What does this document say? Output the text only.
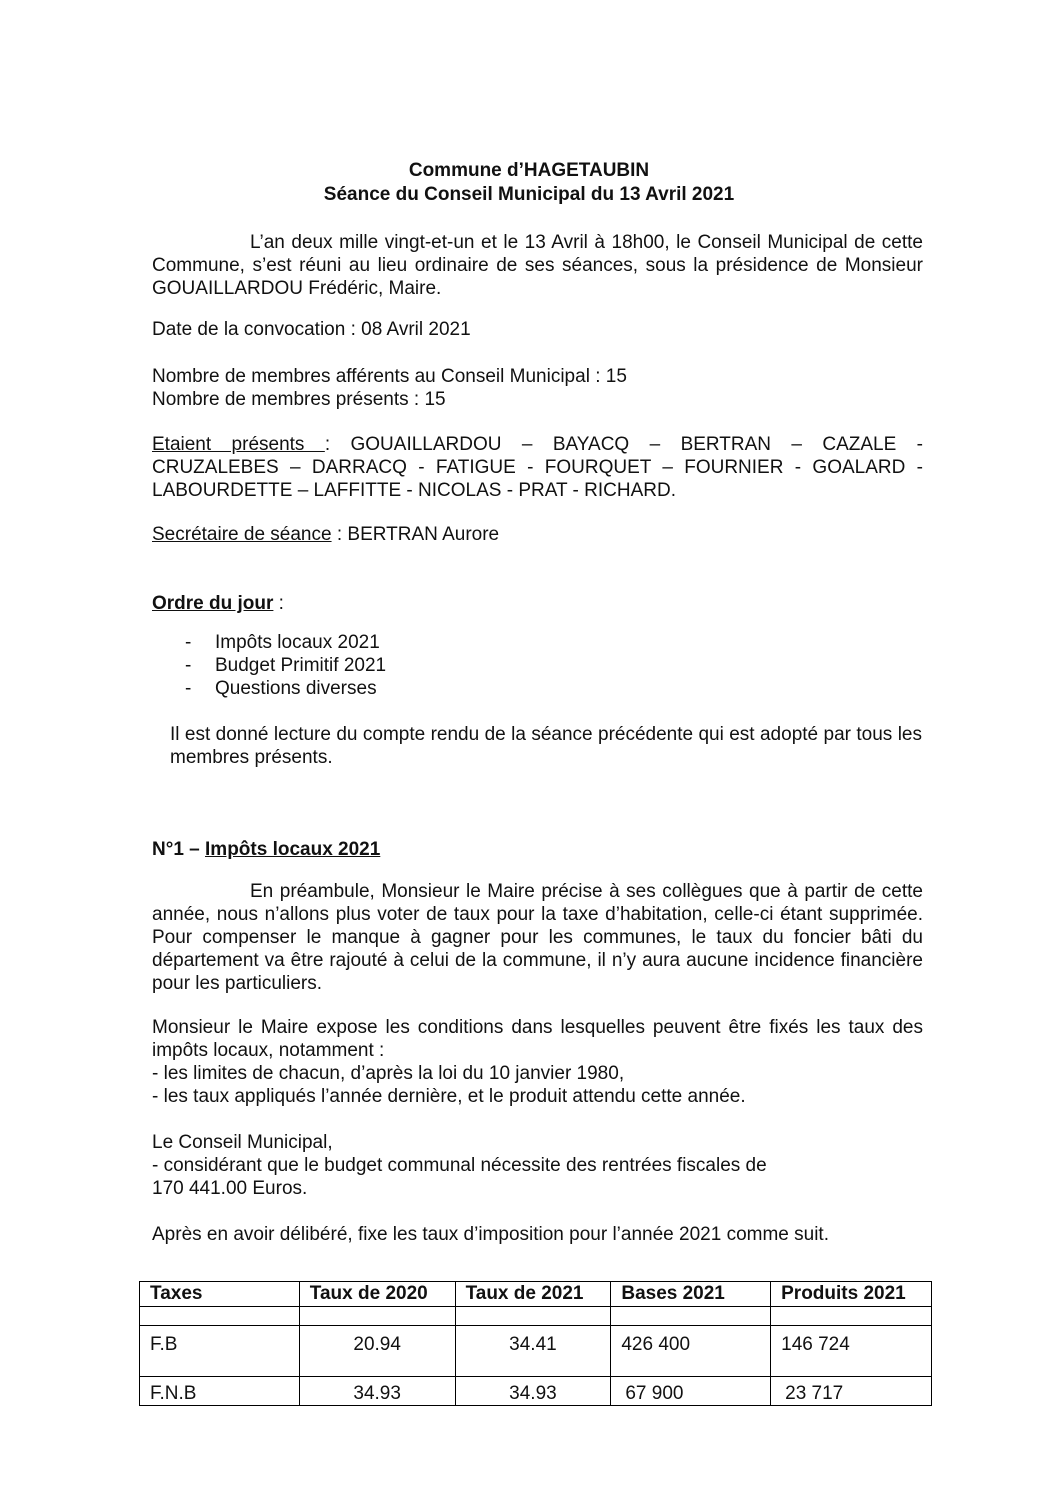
Commune d’HAGETAUBIN
Séance du Conseil Municipal du 13 Avril 2021
L’an deux mille vingt-et-un et le 13 Avril à 18h00, le Conseil Municipal de cette Commune, s’est réuni au lieu ordinaire de ses séances, sous la présidence de Monsieur GOUAILLARDOU Frédéric, Maire.
Date de la convocation : 08 Avril 2021
Nombre de membres afférents au Conseil Municipal : 15
Nombre de membres présents : 15
Etaient présents : GOUAILLARDOU – BAYACQ – BERTRAN – CAZALE -
CRUZALEBES – DARRACQ - FATIGUE - FOURQUET – FOURNIER - GOALARD -
LABOURDETTE – LAFFITTE - NICOLAS - PRAT - RICHARD.
Secrétaire de séance : BERTRAN Aurore
Ordre du jour :
- Impôts locaux 2021
- Budget Primitif 2021
- Questions diverses
Il est donné lecture du compte rendu de la séance précédente qui est adopté par tous les membres présents.
N°1 – Impôts locaux 2021
En préambule, Monsieur le Maire précise à ses collègues que à partir de cette année, nous n’allons plus voter de taux pour la taxe d’habitation, celle-ci étant supprimée. Pour compenser le manque à gagner pour les communes, le taux du foncier bâti du département va être rajouté à celui de la commune, il n’y aura aucune incidence financière pour les particuliers.
Monsieur le Maire expose les conditions dans lesquelles peuvent être fixés les taux des impôts locaux, notamment :
- les limites de chacun, d’après la loi du 10 janvier 1980,
- les taux appliqués l’année dernière, et le produit attendu cette année.
Le Conseil Municipal,
- considérant que le budget communal nécessite des rentrées fiscales de
170 441.00 Euros.
Après en avoir délibéré, fixe les taux d’imposition pour l’année 2021 comme suit.
Taxes	Taux de 2020	Taux de 2021	Bases 2021	Produits 2021

F.B	20.94	34.41	426 400	146 724
F.N.B	34.93	34.93	67 900	23 717
